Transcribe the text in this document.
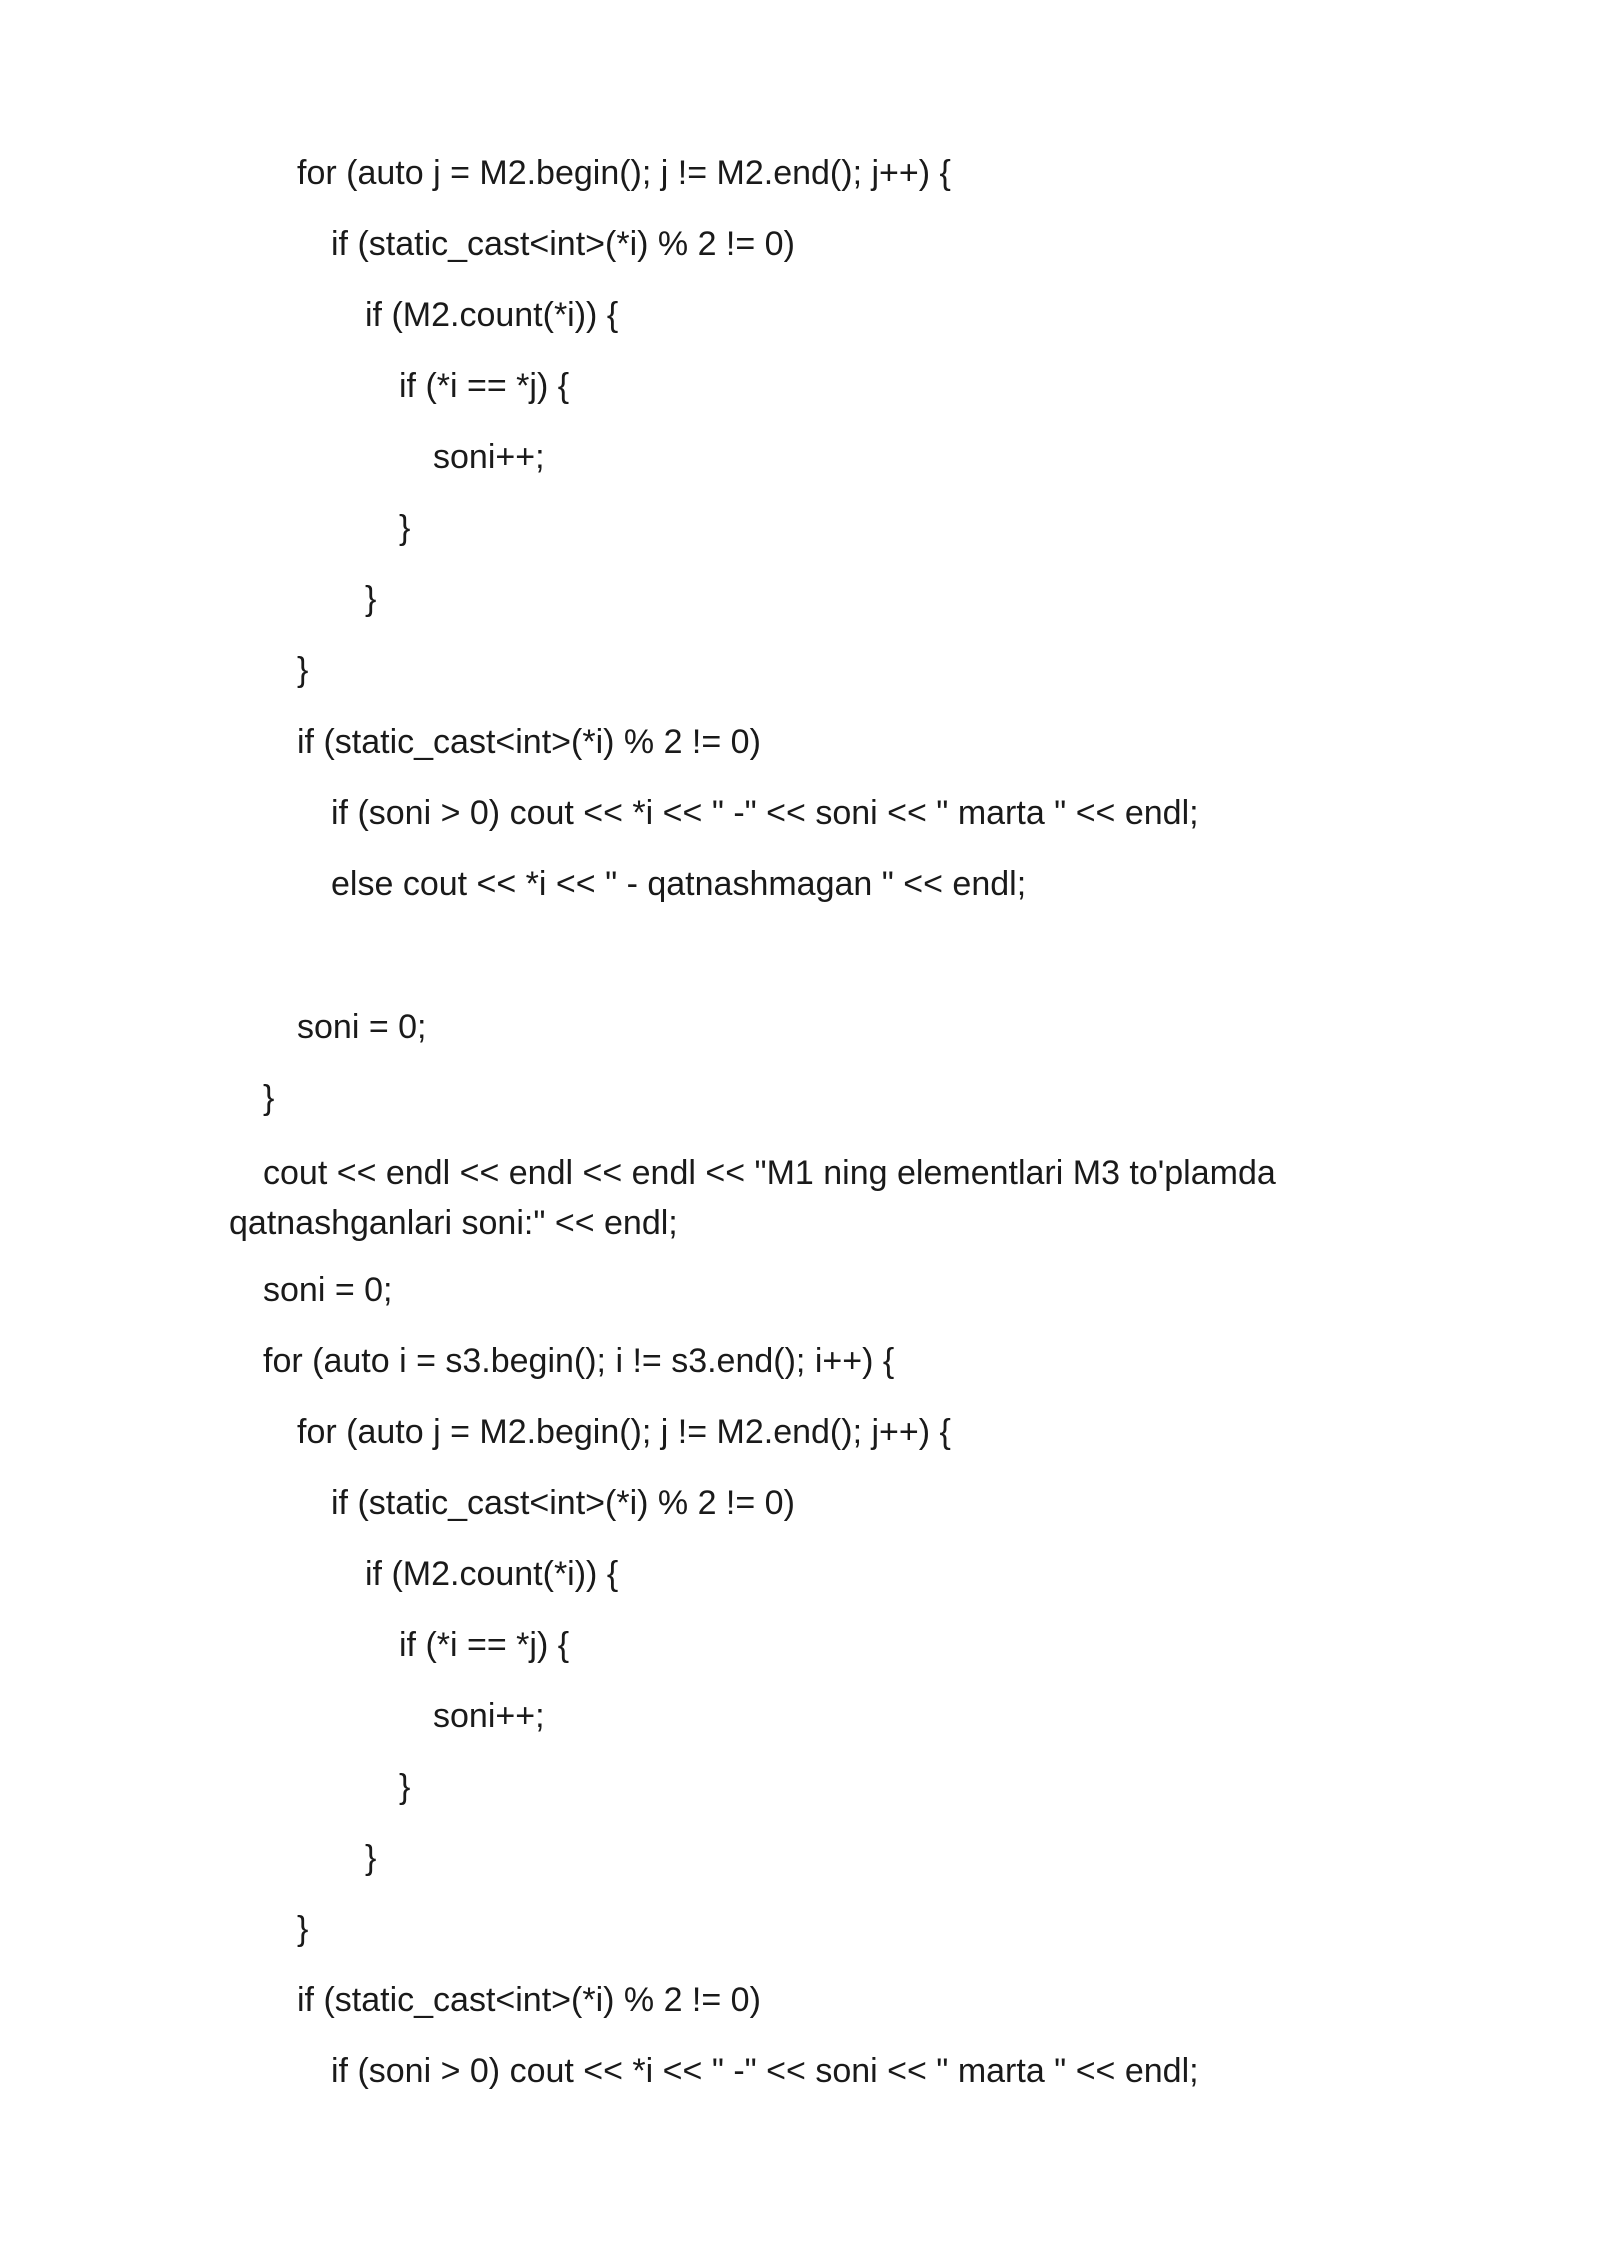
for (auto j = M2.begin(); j != M2.end(); j++) {

if (static_cast<int>(*i) % 2 != 0)

if (M2.count(*i)) {

if (*i == *j) {

soni++;

}

}

}

if (static_cast<int>(*i) % 2 != 0)

if (soni > 0) cout << *i << " -" << soni << " marta " << endl;

else cout << *i << " - qatnashmagan " << endl;

soni = 0;

}

cout << endl << endl << endl << "M1 ning elementlari M3 to'plamda qatnashganlari soni:" << endl;

soni = 0;

for (auto i = s3.begin(); i != s3.end(); i++) {

for (auto j = M2.begin(); j != M2.end(); j++) {

if (static_cast<int>(*i) % 2 != 0)

if (M2.count(*i)) {

if (*i == *j) {

soni++;

}

}

}

if (static_cast<int>(*i) % 2 != 0)

if (soni > 0) cout << *i << " -" << soni << " marta " << endl;
